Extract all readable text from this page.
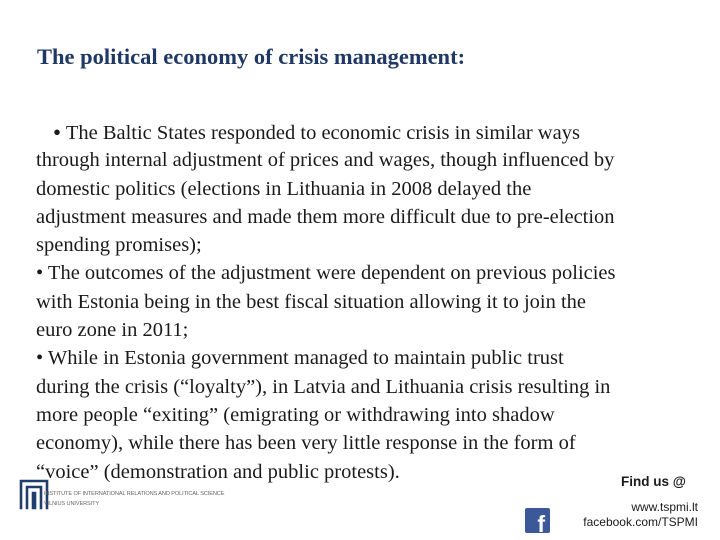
The political economy of crisis management:
• The Baltic States responded to economic crisis in similar ways
through internal adjustment of prices and wages, though influenced by
domestic politics (elections in Lithuania in 2008 delayed the
adjustment measures and made them more difficult due to pre-election
spending promises);
• The outcomes of the adjustment were dependent on previous policies
with Estonia being in the best fiscal situation allowing it to join the
euro zone in 2011;
• While in Estonia government managed to maintain public trust
during the crisis (“loyalty”), in Latvia and Lithuania crisis resulting in
more people “exiting” (emigrating or withdrawing into shadow
economy), while there has been very little response in the form of
“voice” (demonstration and public protests).
INSTITUTE OF INTERNATIONAL RELATIONS AND POLITICAL SCIENCE
VILNIUS UNIVERSITY
Find us @
f
www.tspmi.lt
facebook.com/TSPMI
